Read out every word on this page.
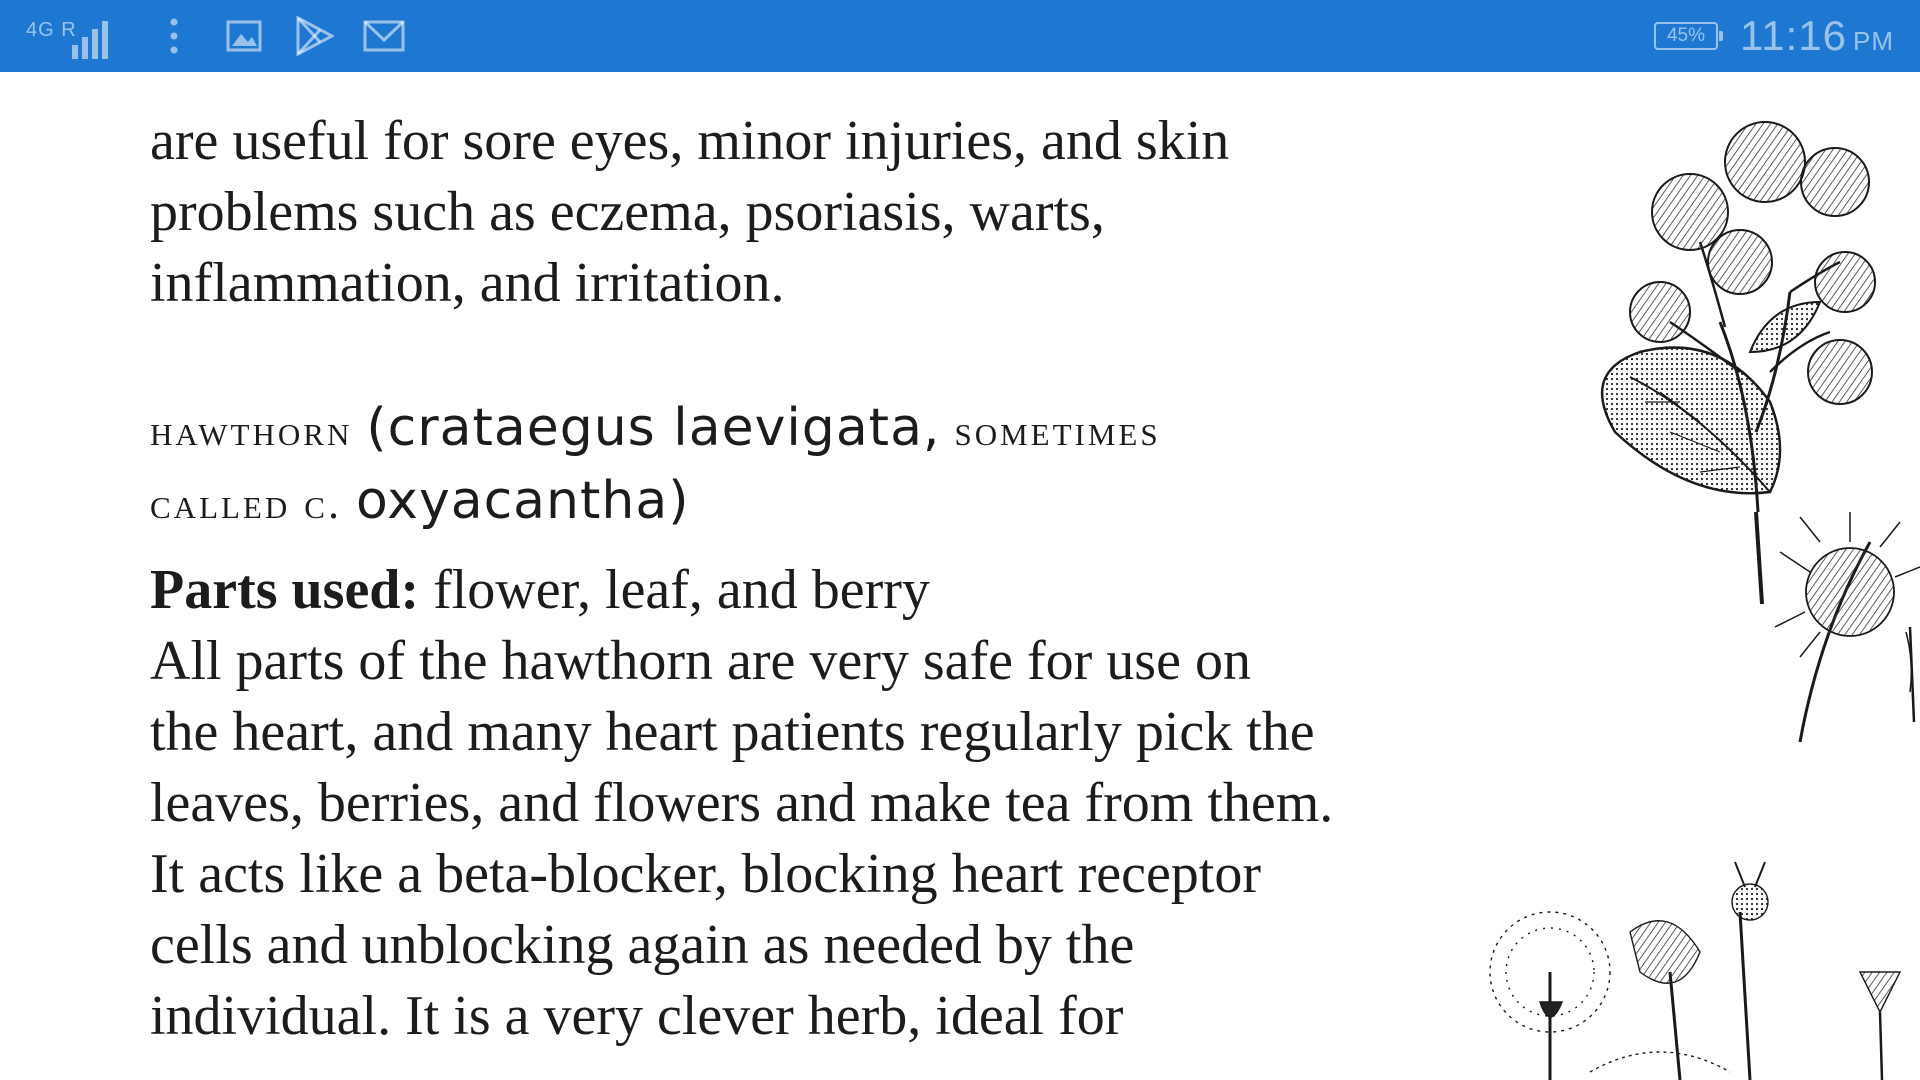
4G R	45% 11:16 PM

are useful for sore eyes, minor injuries, and skin
problems such as eczema, psoriasis, warts,
inflammation, and irritation.

hawthorn (crataegus laevigata, sometimes
called c. oxyacantha)

Parts used: flower, leaf, and berry

All parts of the hawthorn are very safe for use on
the heart, and many heart patients regularly pick the
leaves, berries, and flowers and make tea from them.
It acts like a beta-blocker, blocking heart receptor
cells and unblocking again as needed by the
individual. It is a very clever herb, ideal for
